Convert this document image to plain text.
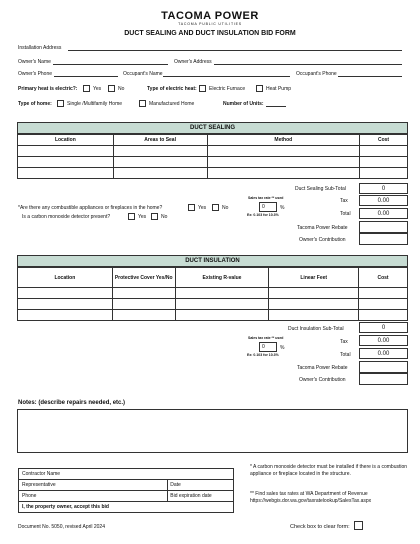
TACOMA POWER
TACOMA PUBLIC UTILITIES
DUCT SEALING AND DUCT INSULATION BID FORM
Installation Address
Owner's Name	Owner's Address
Owner's Phone	Occupant's Name	Occupant's Phone
Primary heat is electric?:	Yes	No	Type of electric heat: Electric Furnace	Heat Pump
Type of home:	Single /Multifamily Home	Manufactured Home	Number of Units:
DUCT SEALING
Location	Areas to Seal	Method	Cost

Duct Sealing Sub-Total	0
Sales tax rate ** used
0	%
Ex: 0.103 for 10.3%
Tax	0.00
Total	0.00
Tacoma Power Rebate
Owner's Contribution
*Are there any combustible appliances or fireplaces in the home?	Yes	No
Is a carbon monoxide detector present?	Yes	No
DUCT INSULATION
Location	Protective Cover Yes/No	Existing R-value	Linear Feet	Cost

Duct Insulation Sub-Total	0
Sales tax rate ** used
0	%
Ex: 0.103 for 10.3%
Tax	0.00
Total	0.00
Tacoma Power Rebate
Owner's Contribution
Notes: (describe repairs needed, etc.)
Contractor Name	
Representative	Date
Phone	Bid expiration date
I, the property owner, accept this bid	
* A carbon monoxide detector must be installed if there is a combustion appliance or fireplace located in the structure.
** Find sales tax rates at WA Department of Revenue https://webgis.dor.wa.gov/taxratelookup/SalesTax.aspx
Document No. 5050, revised April 2024	Check box to clear form:
